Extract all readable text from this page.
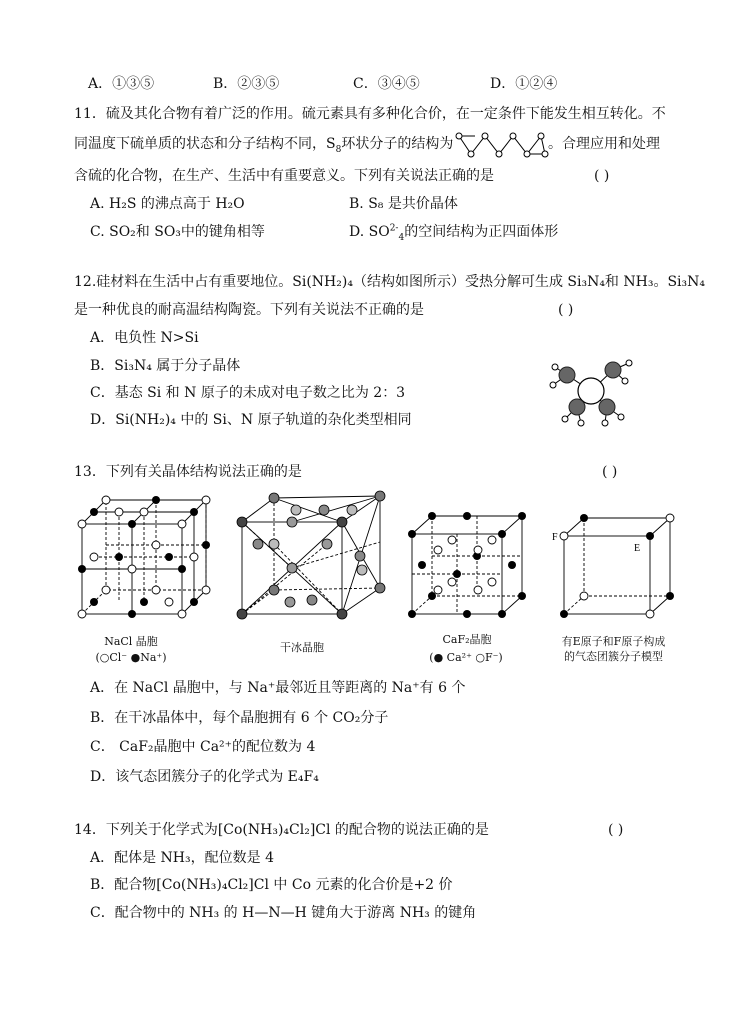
A．①③⑤	B．②③⑤	C．③④⑤	D．①②④
11．硫及其化合物有着广泛的作用。硫元素具有多种化合价，在一定条件下能发生相互转化。不
同温度下硫单质的状态和分子结构不同，$S_8$环状分子的结构为	。合理应用和处理
含硫的化合物，在生产、生活中有重要意义。下列有关说法正确的是	( )
A. H₂S 的沸点高于 H₂O	B. S₈ 是共价晶体
C. SO₂和 SO₃中的键角相等	D. $SO^{2-}_4$的空间结构为正四面体形
12.硅材料在生活中占有重要地位。Si(NH₂)₄（结构如图所示）受热分解可生成 Si₃N₄和 NH₃。Si₃N₄
是一种优良的耐高温结构陶瓷。下列有关说法不正确的是	( )
A．电负性 N>Si
B．Si₃N₄ 属于分子晶体
C．基态 Si 和 N 原子的未成对电子数之比为 2：3
D．Si(NH₂)₄ 中的 Si、N 原子轨道的杂化类型相同
13．下列有关晶体结构说法正确的是	( )
NaCl 晶胞
(○Cl⁻ ●Na⁺)
干冰晶胞
CaF₂晶胞
(● Ca²⁺ ○F⁻)
F
E
有E原子和F原子构成
的气态团簇分子模型
A．在 NaCl 晶胞中，与 Na⁺最邻近且等距离的 Na⁺有 6 个
B．在干冰晶体中，每个晶胞拥有 6 个 CO₂分子
C． CaF₂晶胞中 Ca²⁺的配位数为 4
D．该气态团簇分子的化学式为 E₄F₄
14．下列关于化学式为[Co(NH₃)₄Cl₂]Cl 的配合物的说法正确的是	( )
A．配体是 NH₃，配位数是 4
B．配合物[Co(NH₃)₄Cl₂]Cl 中 Co 元素的化合价是+2 价
C．配合物中的 NH₃ 的 H—N—H 键角大于游离 NH₃ 的键角
